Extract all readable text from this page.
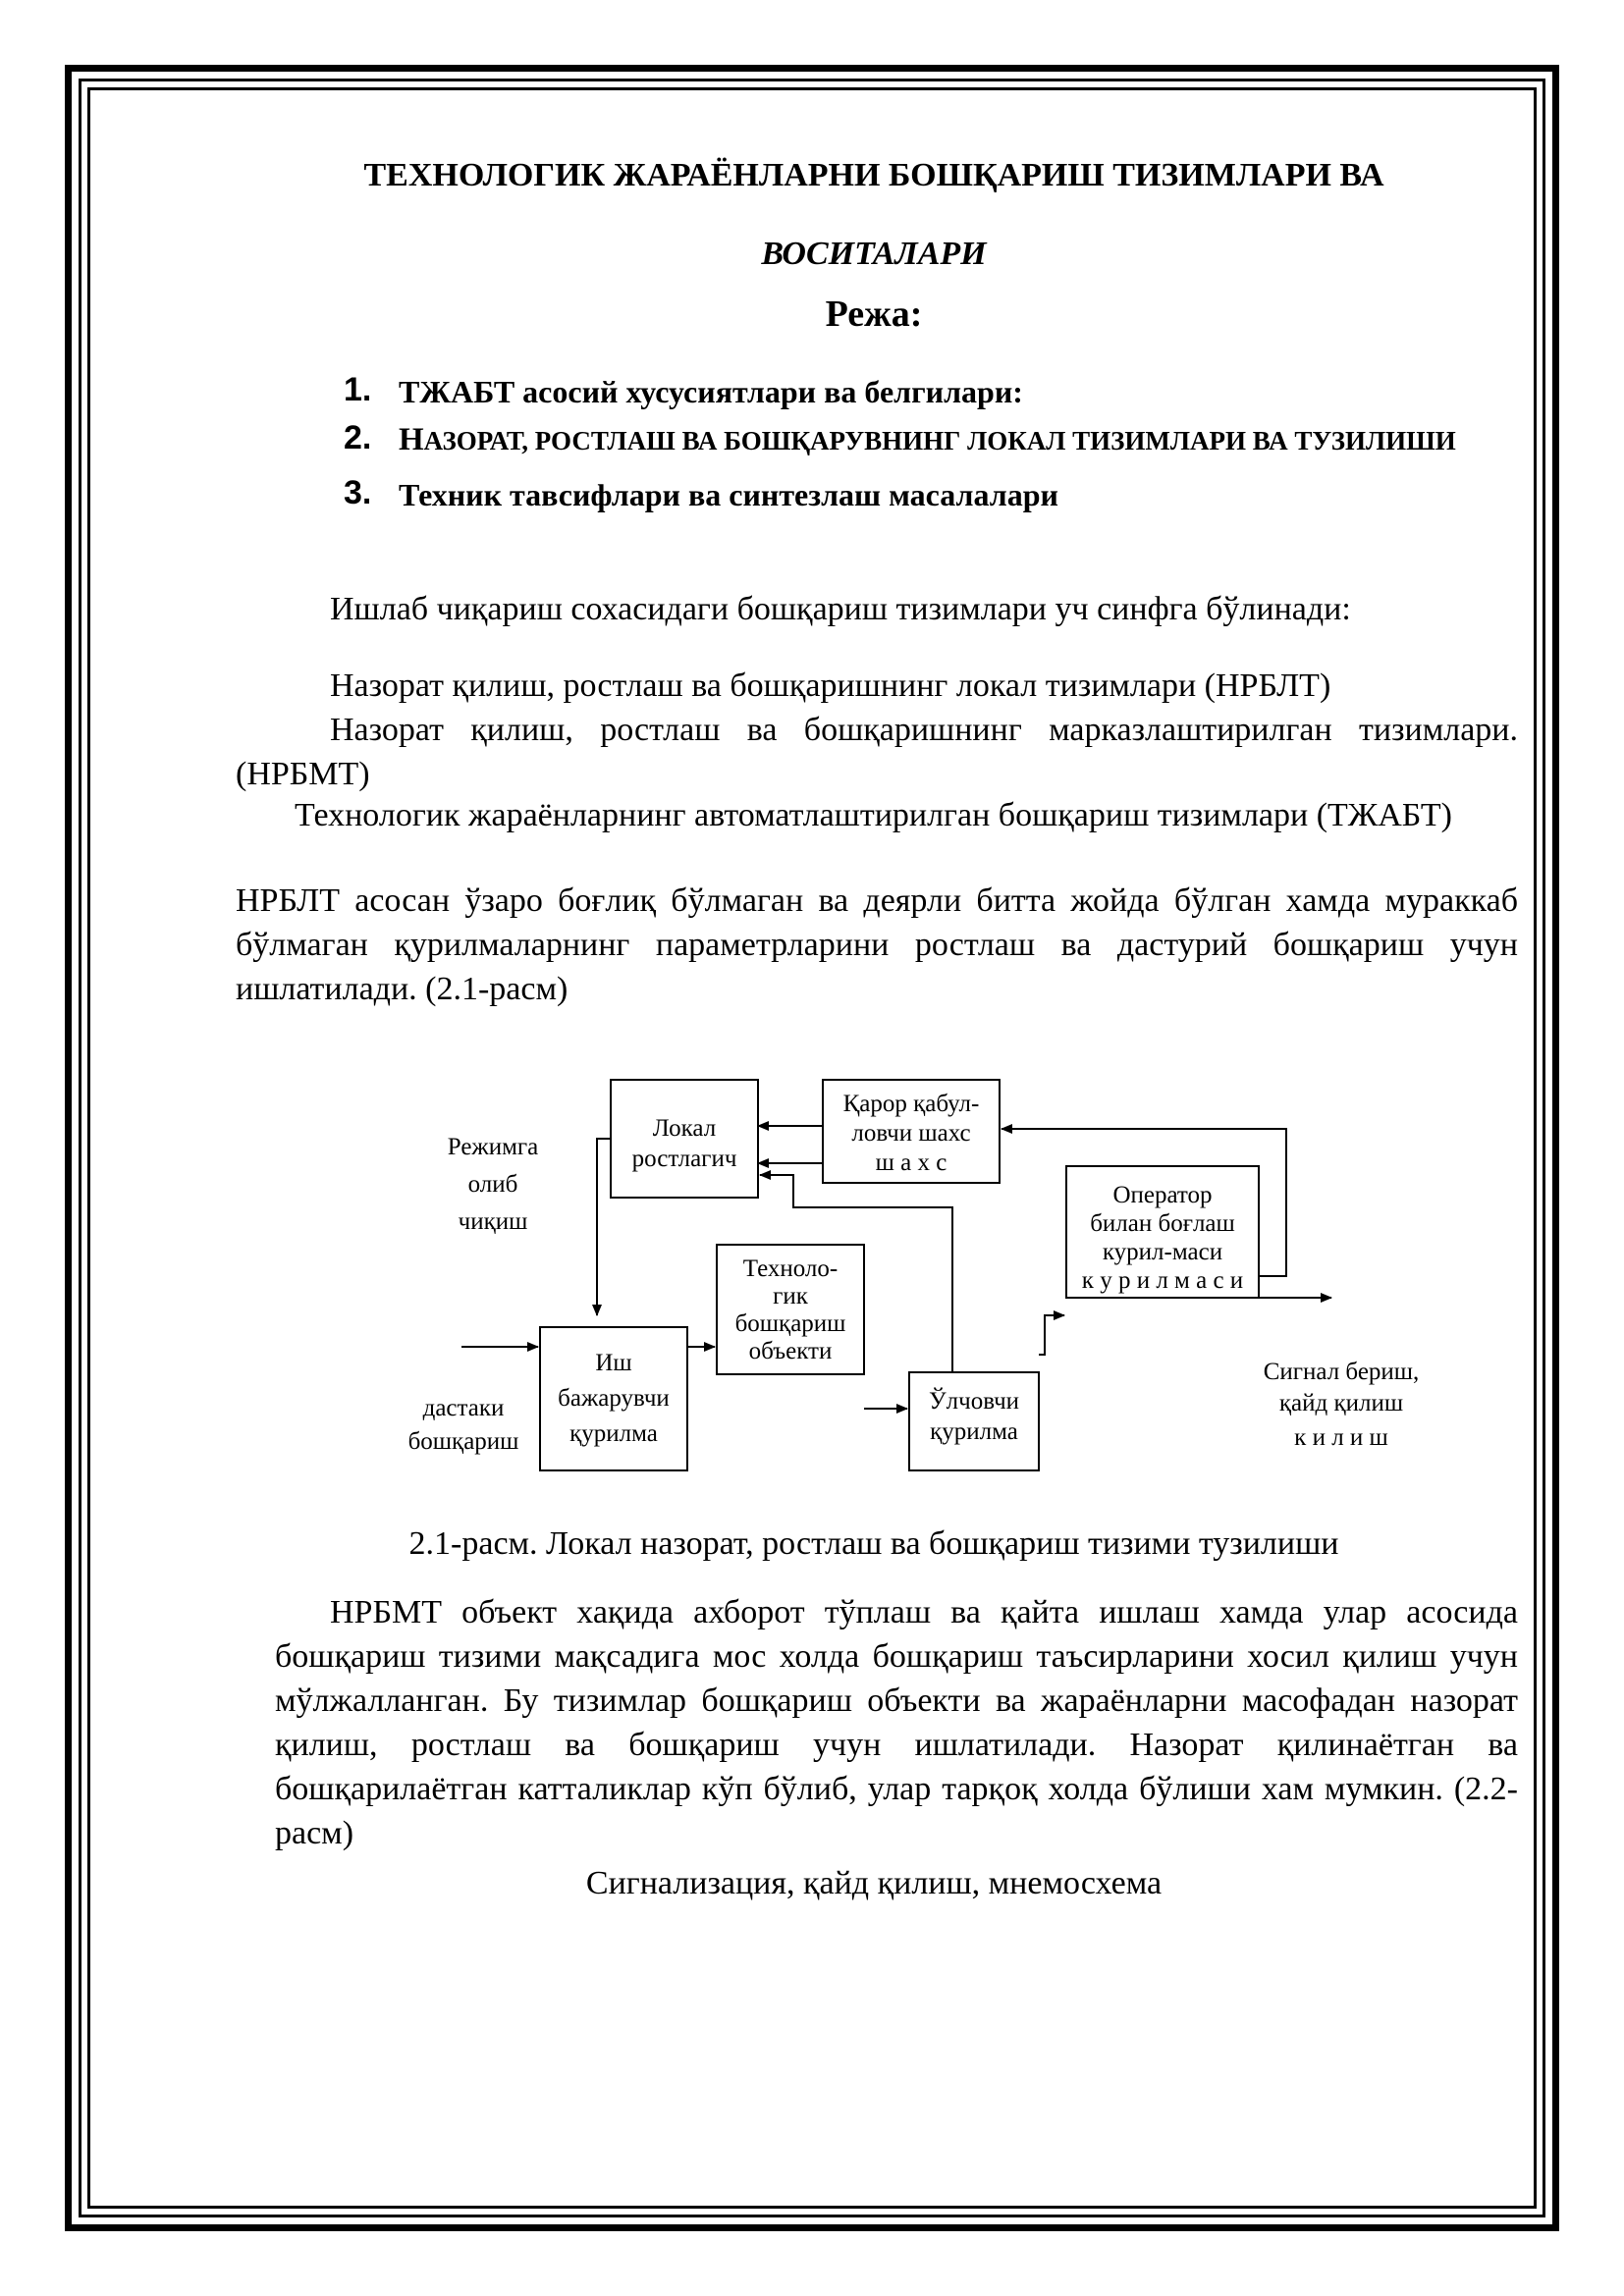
ТЕХНОЛОГИК ЖАРАЁНЛАРНИ БОШҚАРИШ ТИЗИМЛАРИ ВА
ВОСИТАЛАРИ
Режа:
1. ТЖАБТ асосий хусусиятлари ва белгилари:
2. НАЗОРАТ, РОСТЛАШ ВА БОШҚАРУВНИНГ ЛОКАЛ ТИЗИМЛАРИ ВА ТУЗИЛИШИ
3. Техник тавсифлари ва синтезлаш масалалари

Ишлаб чиқариш сохасидаги бошқариш тизимлари уч синфга бўлинади:

Назорат қилиш, ростлаш ва бошқаришнинг локал тизимлари (НРБЛТ)

Назорат қилиш, ростлаш ва бошқаришнинг марказлаштирилган тизимлари. (НРБМТ)

Технологик жараёнларнинг автоматлаштирилган бошқариш тизимлари (ТЖАБТ)

НРБЛТ асосан ўзаро боғлиқ бўлмаган ва деярли битта жойда бўлган хамда мураккаб бўлмаган қурилмаларнинг параметрларини ростлаш ва дастурий бошқариш учун ишлатилади. (2.1-расм)

Локал
ростлагич
Қарор қабул-
ловчи шахс
ш а х с
Оператор
билан боғлаш
курил-маси
к у р и л м а с и
Техноло-
гик
бошқариш
объекти
Иш
бажарувчи
қурилма
Ўлчовчи
қурилма
Режимга
олиб
чиқиш
дастаки
бошқариш
Сигнал бериш,
қайд қилиш
к и л и ш

2.1-расм. Локал назорат, ростлаш ва бошқариш тизими тузилиши

НРБМТ объект хақида ахборот тўплаш ва қайта ишлаш хамда улар асосида бошқариш тизими мақсадига мос холда бошқариш таъсирларини хосил қилиш учун мўлжалланган. Бу тизимлар бошқариш объекти ва жараёнларни масофадан назорат қилиш, ростлаш ва бошқариш учун ишлатилади. Назорат қилинаётган ва бошқарилаётган катталиклар кўп бўлиб, улар тарқоқ холда бўлиши хам мумкин. (2.2-расм)

Сигнализация, қайд қилиш, мнемосхема
